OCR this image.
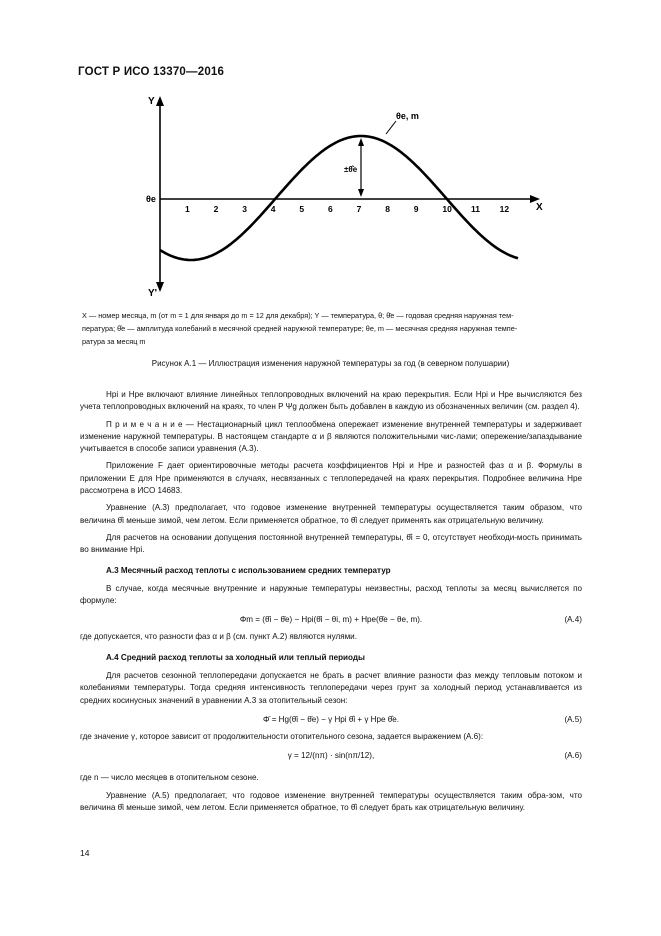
ГОСТ Р ИСО 13370—2016
Y
Y'
X
θe
1	2	3	4	5	6	7	8	9	10 11 12
±θ̂e
θe, m
X — номер месяца, m (от m = 1 для января до m = 12 для декабря); Y — температура, θ; θ̄e — годовая средняя наружная тем-
пература; θ̂e — амплитуда колебаний в месячной средней наружной температуре; θe, m — месячная средняя наружная темпе-
ратура за месяц m
Рисунок А.1 — Иллюстрация изменения наружной температуры за год (в северном полушарии)

Hpi и Hpe включают влияние линейных теплопроводных включений на краю перекрытия. Если Hpi и Hpe вычисляются без учета теплопроводных включений на краях, то член P Ψg должен быть добавлен в каждую из обозначенных величин (см. раздел 4).

П р и м е ч а н и е — Нестационарный цикл теплообмена опережает изменение внутренней температуры и задерживает изменение наружной температуры. В настоящем стандарте α и β являются положительными чис-лами; опережение/запаздывание учитывается в способе записи уравнения (А.3).

Приложение F дает ориентировочные методы расчета коэффициентов Hpi и Hpe и разностей фаз α и β. Формулы в приложении Е для Hpe применяются в случаях, несвязанных с теплопередачей на краях перекрытия. Подробнее величина Hpe рассмотрена в ИСО 14683.

Уравнение (А.3) предполагает, что годовое изменение внутренней температуры осуществляется таким образом, что величина θ̂i меньше зимой, чем летом. Если применяется обратное, то θ̂i следует применять как отрицательную величину.

Для расчетов на основании допущения постоянной внутренней температуры, θ̂i = 0, отсутствует необходи-мость принимать во внимание Hpi.

А.3 Месячный расход теплоты с использованием средних температур

В случае, когда месячные внутренние и наружные температуры неизвестны, расход теплоты за месяц вычисляется по формуле:

Φm = (θ̄i − θ̄e) − Hpi(θ̄i − θi, m) + Hpe(θ̄e − θe, m).	(А.4)

где допускается, что разности фаз α и β (см. пункт А.2) являются нулями.

А.4 Средний расход теплоты за холодный или теплый периоды

Для расчетов сезонной теплопередачи допускается не брать в расчет влияние разности фаз между тепловым потоком и колебаниями температуры. Тогда средняя интенсивность теплопередачи через грунт за холодный период устанавливается из средних косинусных значений в уравнении А.3 за отопительный сезон:

Φ̄ = Hg(θ̄i − θ̄e) − γ Hpi θ̂i + γ Hpe θ̂e.	(А.5)

где значение γ, которое зависит от продолжительности отопительного сезона, задается выражением (А.6):

γ = 12/(nπ) · sin(nπ/12),	(А.6)

где n — число месяцев в отопительном сезоне.

Уравнение (А.5) предполагает, что годовое изменение внутренней температуры осуществляется таким обра-зом, что величина θ̂i меньше зимой, чем летом. Если применяется обратное, то θ̂i следует брать как отрицательную величину.

14
